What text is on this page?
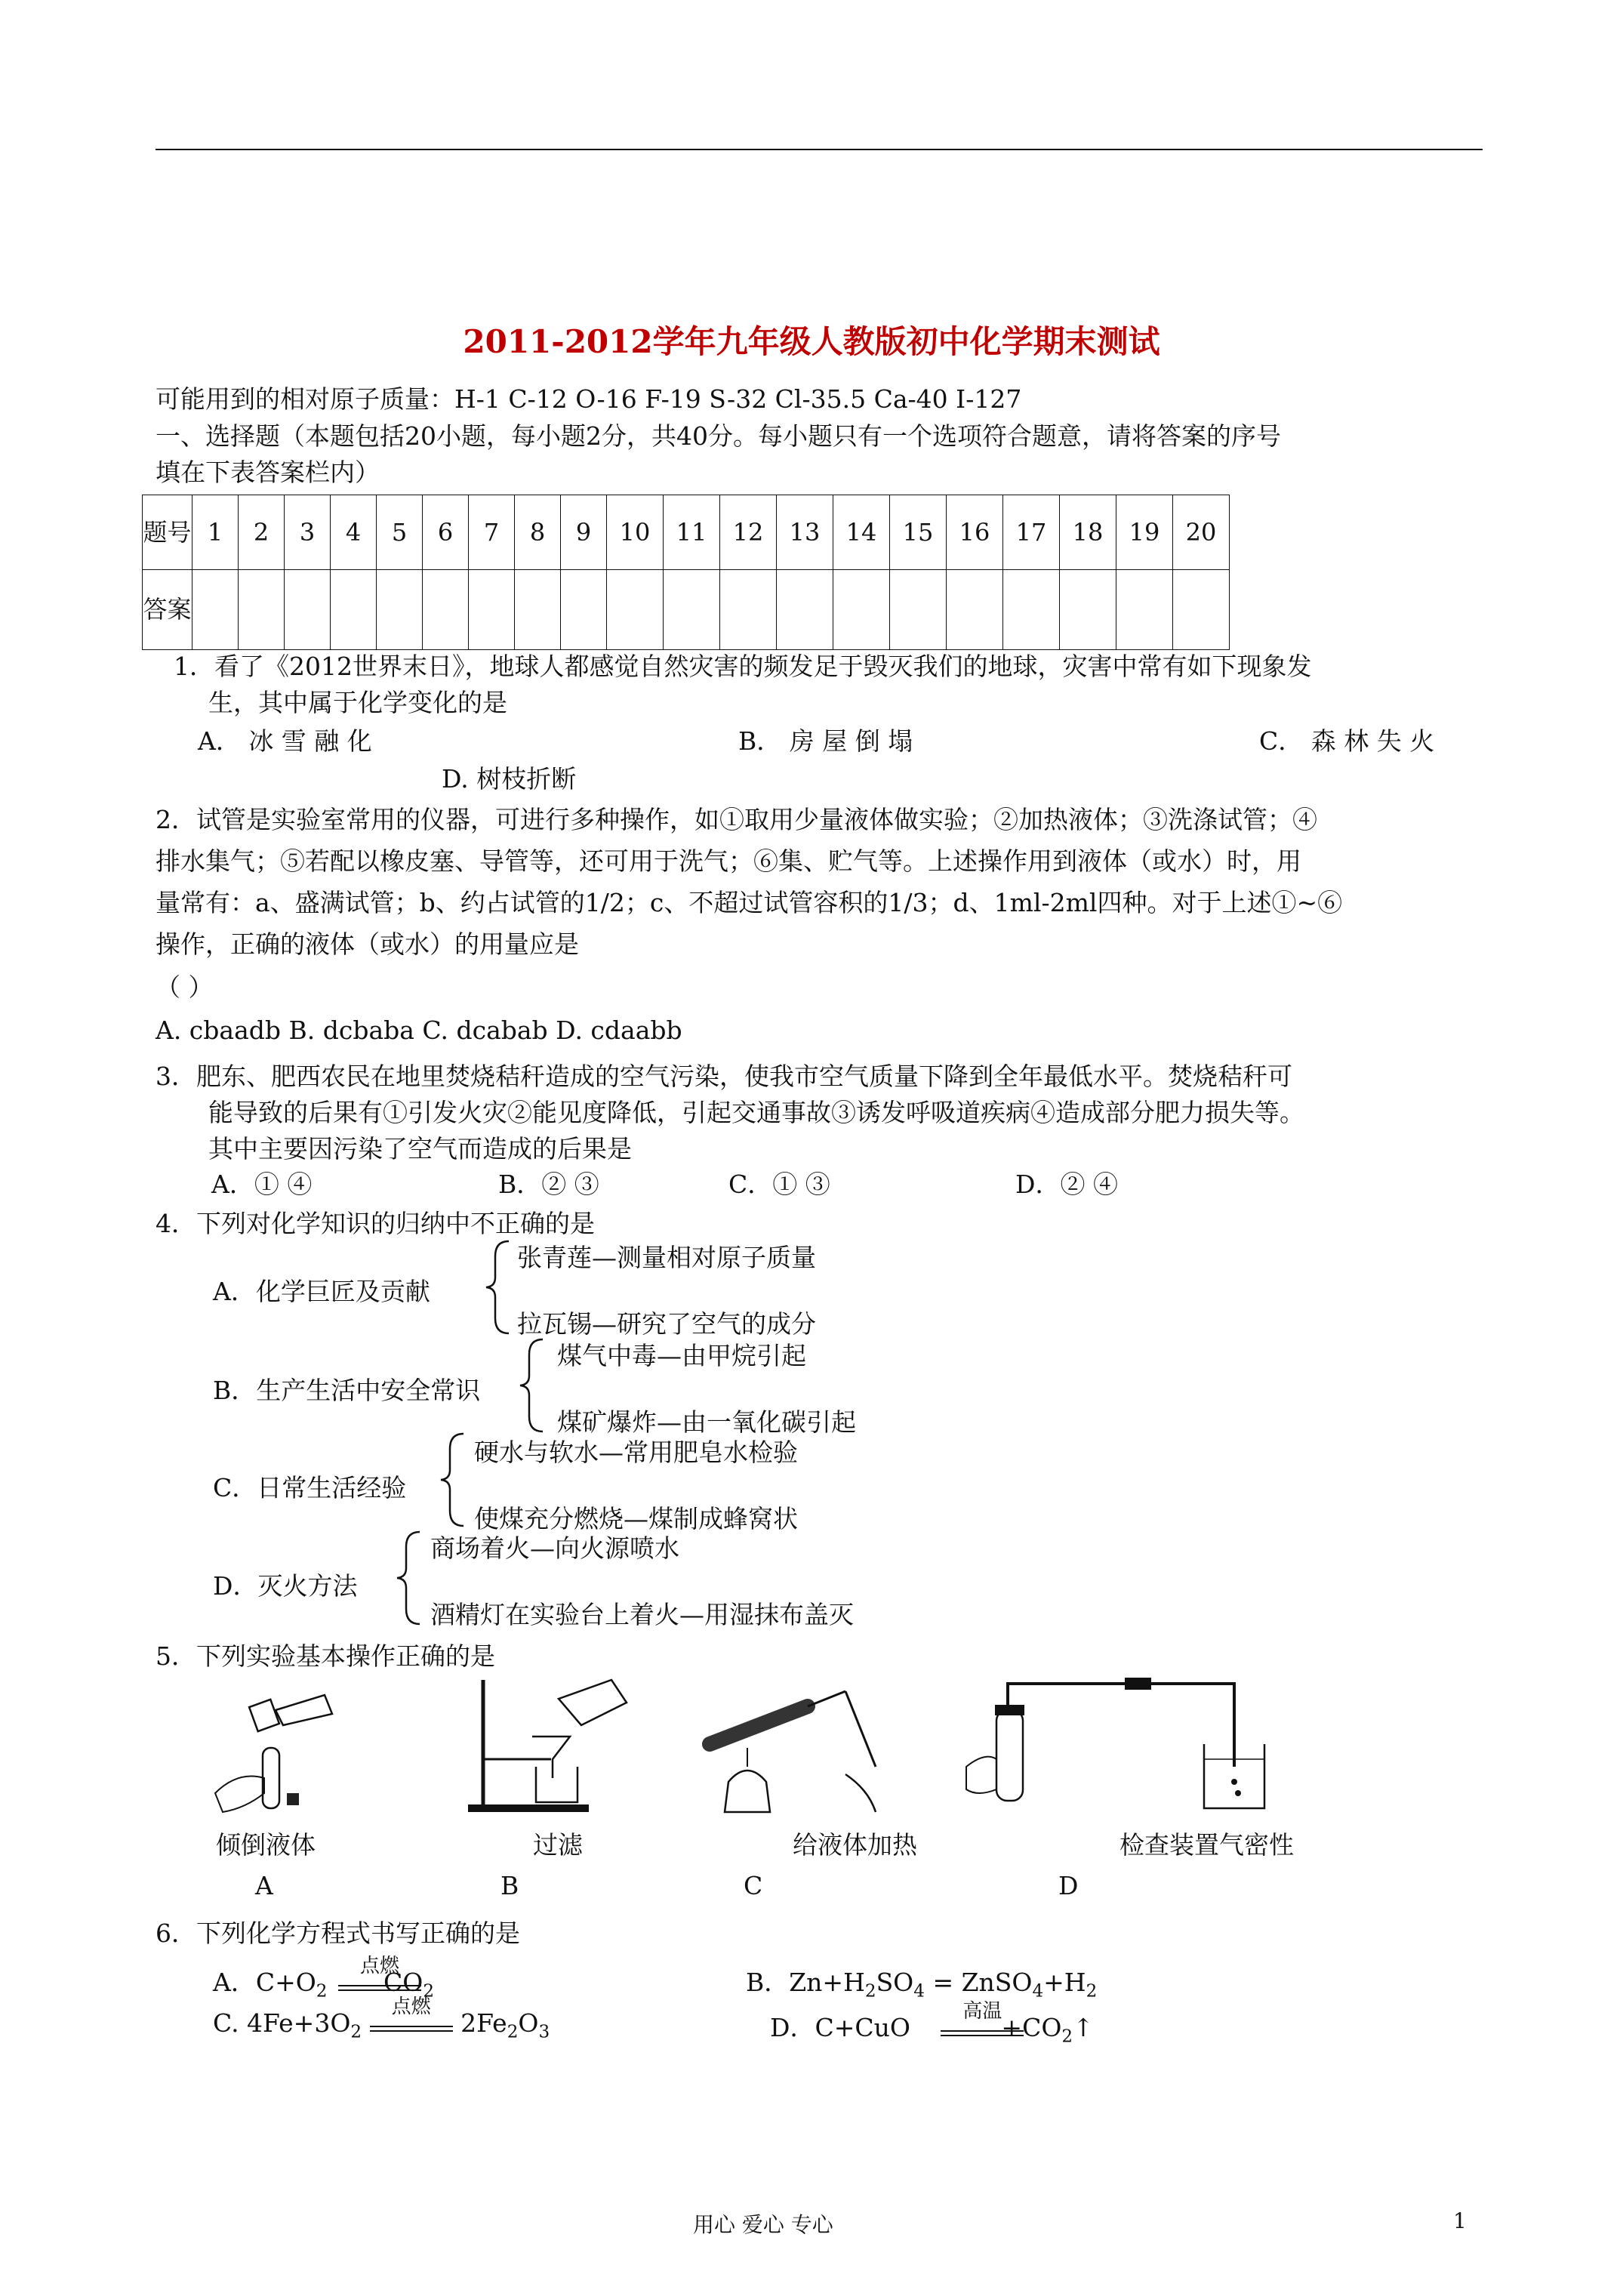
2011-2012学年九年级人教版初中化学期末测试
可能用到的相对原子质量：H-1 C-12 O-16 F-19 S-32 Cl-35.5 Ca-40 I-127
一、选择题（本题包括20小题，每小题2分，共40分。每小题只有一个选项符合题意，请将答案的序号
填在下表答案栏内）
题号	1	2	3	4	5	6	7	8	9	10	11	12	13	14	15	16	17	18	19	20
答案																				
1．看了《2012世界末日》，地球人都感觉自然灾害的频发足于毁灭我们的地球，灾害中常有如下现象发
生，其中属于化学变化的是
A． 冰 雪 融 化	B． 房 屋 倒 塌	C． 森 林 失 火
D. 树枝折断
2．试管是实验室常用的仪器，可进行多种操作，如①取用少量液体做实验；②加热液体；③洗涤试管；④
排水集气；⑤若配以橡皮塞、导管等，还可用于洗气；⑥集、贮气等。上述操作用到液体（或水）时，用
量常有：a、盛满试管；b、约占试管的1/2；c、不超过试管容积的1/3；d、1ml-2ml四种。对于上述①~⑥
操作，正确的液体（或水）的用量应是
（ ）
A. cbaadb B. dcbaba C. dcabab D. cdaabb
3．肥东、肥西农民在地里焚烧秸秆造成的空气污染，使我市空气质量下降到全年最低水平。焚烧秸秆可
能导致的后果有①引发火灾②能见度降低，引起交通事故③诱发呼吸道疾病④造成部分肥力损失等。
其中主要因污染了空气而造成的后果是
A．① ④	B．② ③	C．① ③	D．② ④
4．下列对化学知识的归纳中不正确的是
A．化学巨匠及贡献
张青莲—测量相对原子质量
拉瓦锡—研究了空气的成分
B．生产生活中安全常识
煤气中毒—由甲烷引起
煤矿爆炸—由一氧化碳引起
C．日常生活经验
硬水与软水—常用肥皂水检验
使煤充分燃烧—煤制成蜂窝状
D．灭火方法
商场着火—向火源喷水
酒精灯在实验台上着火—用湿抹布盖灭
5．下列实验基本操作正确的是
倾倒液体	过滤	给液体加热	检查装置气密性
A	B	C	D
6．下列化学方程式书写正确的是
A．$C+O_2$
点燃
$CO_2$	B．$Zn+H_2SO_4$ = $ZnSO_4+H_2$
C. $4Fe+3O_2$
点燃
$2Fe_2O_3$	D．C+CuO
高温
$+CO_2↑$
用心 爱心 专心	1
